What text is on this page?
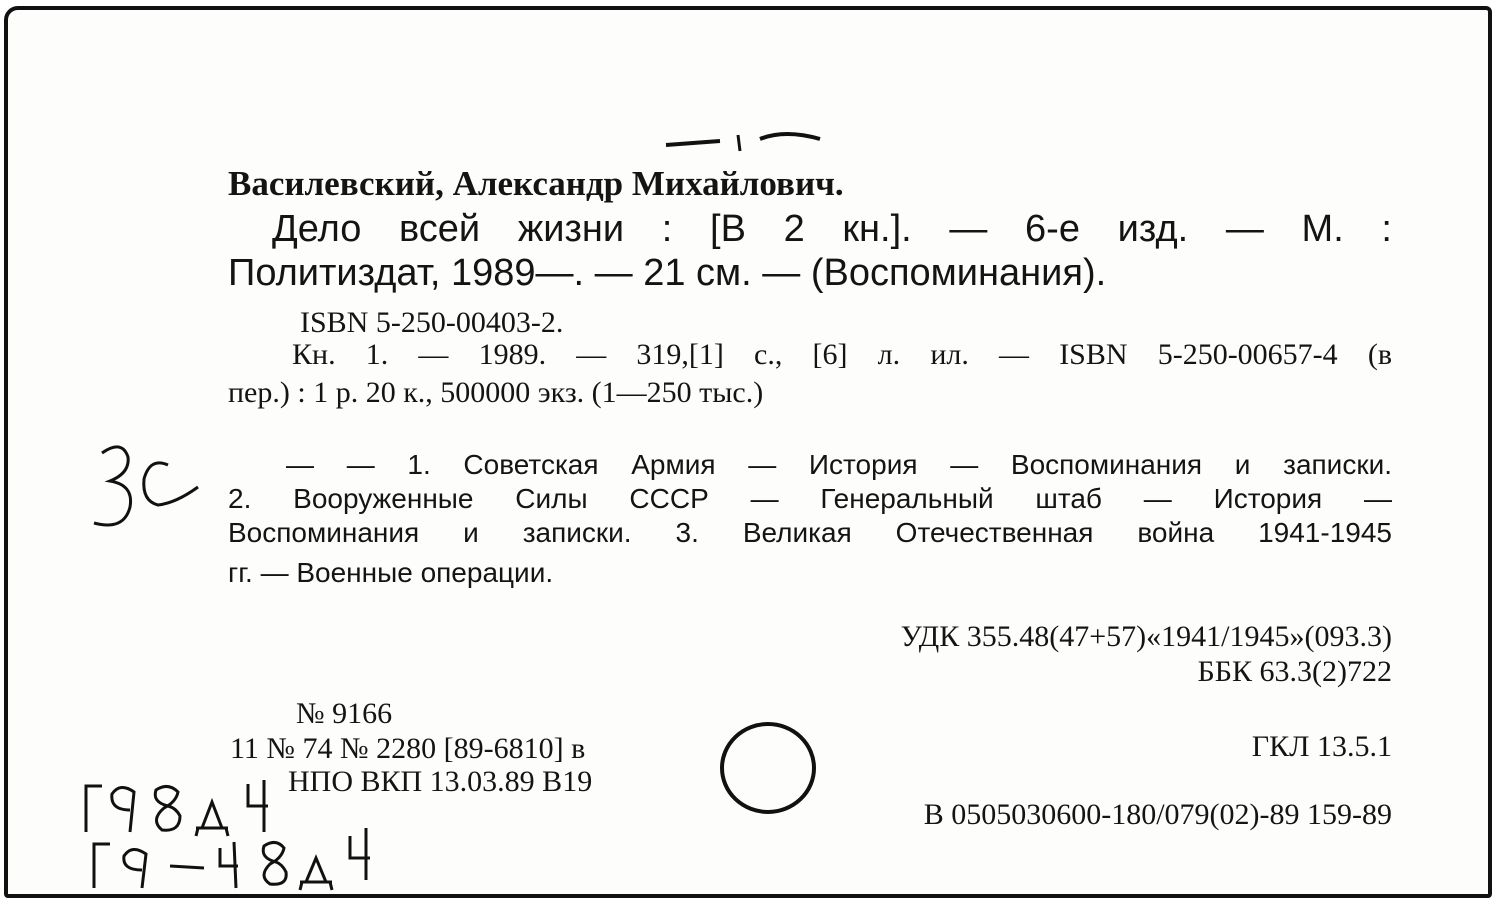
Василевский, Александр Михайлович.
Дело всей жизни : [В 2 кн.]. — 6-е изд. — М. :
Политиздат, 1989—. — 21 см. — (Воспоминания).
ISBN 5-250-00403-2.
Кн. 1. — 1989. — 319,[1] с., [6] л. ил. — ISBN 5-250-00657-4 (в
пер.) : 1 р. 20 к., 500000 экз. (1—250 тыс.)
— — 1. Советская Армия — История — Воспоминания и записки.
2. Вооруженные Силы СССР — Генеральный штаб — История —
Воспоминания и записки. 3. Великая Отечественная война 1941-1945
гг. — Военные операции.
УДК 355.48(47+57)«1941/1945»(093.3)
ББК 63.3(2)722
№ 9166
11 № 74 № 2280 [89-6810] в
НПО ВКП 13.03.89 В19
ГКЛ 13.5.1
В 0505030600-180/079(02)-89 159-89
